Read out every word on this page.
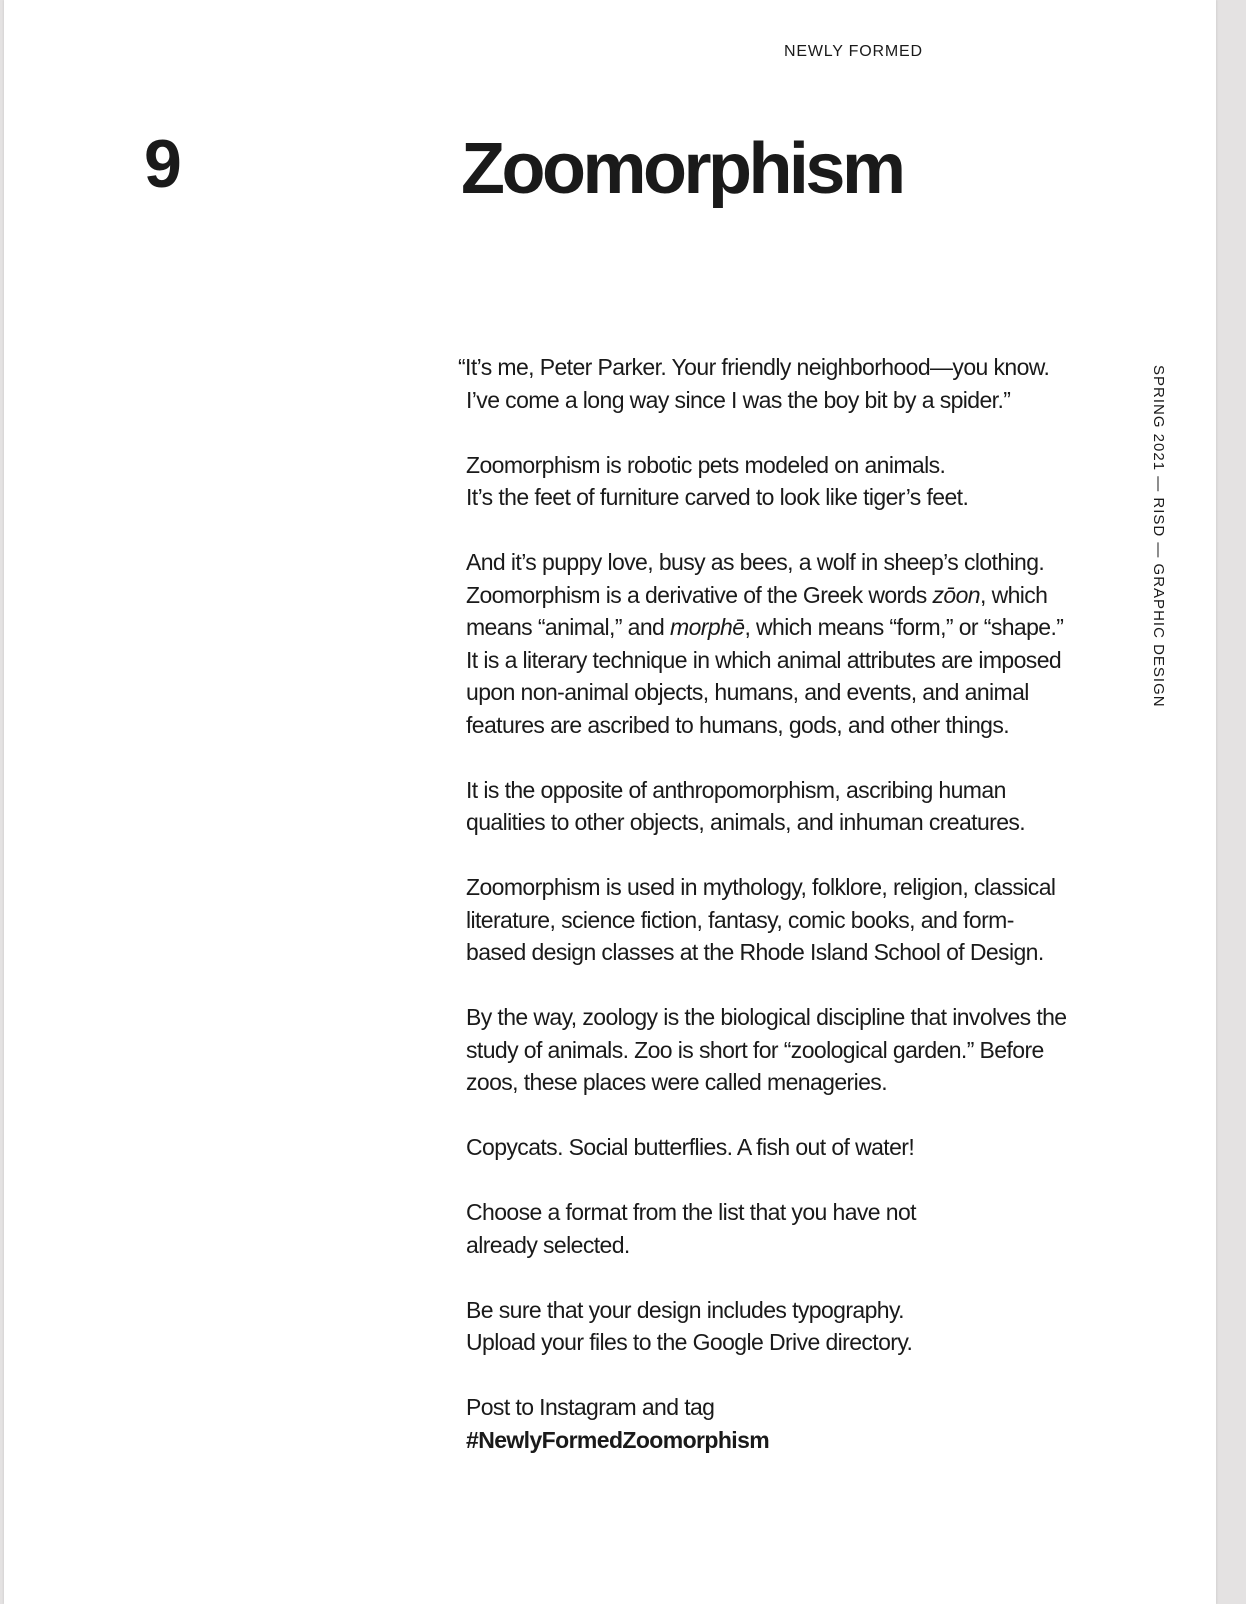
NEWLY FORMED
9	Zoomorphism
SPRING 2021 — RISD — GRAPHIC DESIGN

“It’s me, Peter Parker. Your friendly neighborhood—you know.
I’ve come a long way since I was the boy bit by a spider.”

Zoomorphism is robotic pets modeled on animals.
It’s the feet of furniture carved to look like tiger’s feet.

And it’s puppy love, busy as bees, a wolf in sheep’s clothing.
Zoomorphism is a derivative of the Greek words zōon, which
means “animal,” and morphē, which means “form,” or “shape.”
It is a literary technique in which animal attributes are imposed
upon non-animal objects, humans, and events, and animal
features are ascribed to humans, gods, and other things.

It is the opposite of anthropomorphism, ascribing human
qualities to other objects, animals, and inhuman creatures.

Zoomorphism is used in mythology, folklore, religion, classical
literature, science fiction, fantasy, comic books, and form-
based design classes at the Rhode Island School of Design.

By the way, zoology is the biological discipline that involves the
study of animals. Zoo is short for “zoological garden.” Before
zoos, these places were called menageries.

Copycats. Social butterflies. A fish out of water!

Choose a format from the list that you have not
already selected.

Be sure that your design includes typography.
Upload your files to the Google Drive directory.

Post to Instagram and tag
#NewlyFormedZoomorphism
